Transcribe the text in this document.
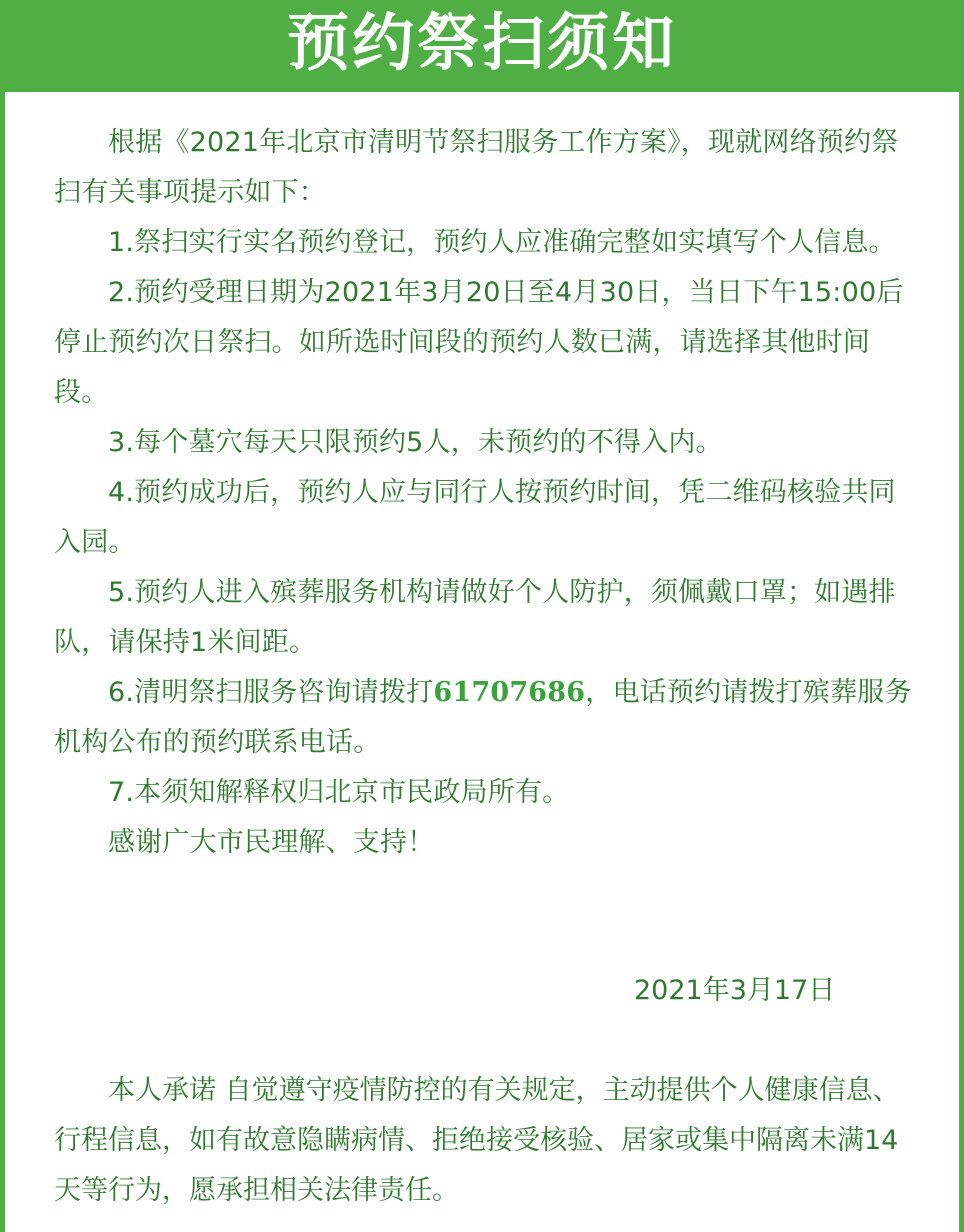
预约祭扫须知

根据《2021年北京市清明节祭扫服务工作方案》，现就网络预约祭扫有关事项提示如下：

1.祭扫实行实名预约登记，预约人应准确完整如实填写个人信息。

2.预约受理日期为2021年3月20日至4月30日，当日下午15:00后停止预约次日祭扫。如所选时间段的预约人数已满，请选择其他时间段。

3.每个墓穴每天只限预约5人，未预约的不得入内。

4.预约成功后，预约人应与同行人按预约时间，凭二维码核验共同入园。

5.预约人进入殡葬服务机构请做好个人防护，须佩戴口罩；如遇排队，请保持1米间距。

6.清明祭扫服务咨询请拨打61707686，电话预约请拨打殡葬服务机构公布的预约联系电话。

7.本须知解释权归北京市民政局所有。

感谢广大市民理解、支持！

2021年3月17日

本人承诺 自觉遵守疫情防控的有关规定，主动提供个人健康信息、行程信息，如有故意隐瞒病情、拒绝接受核验、居家或集中隔离未满14天等行为，愿承担相关法律责任。
